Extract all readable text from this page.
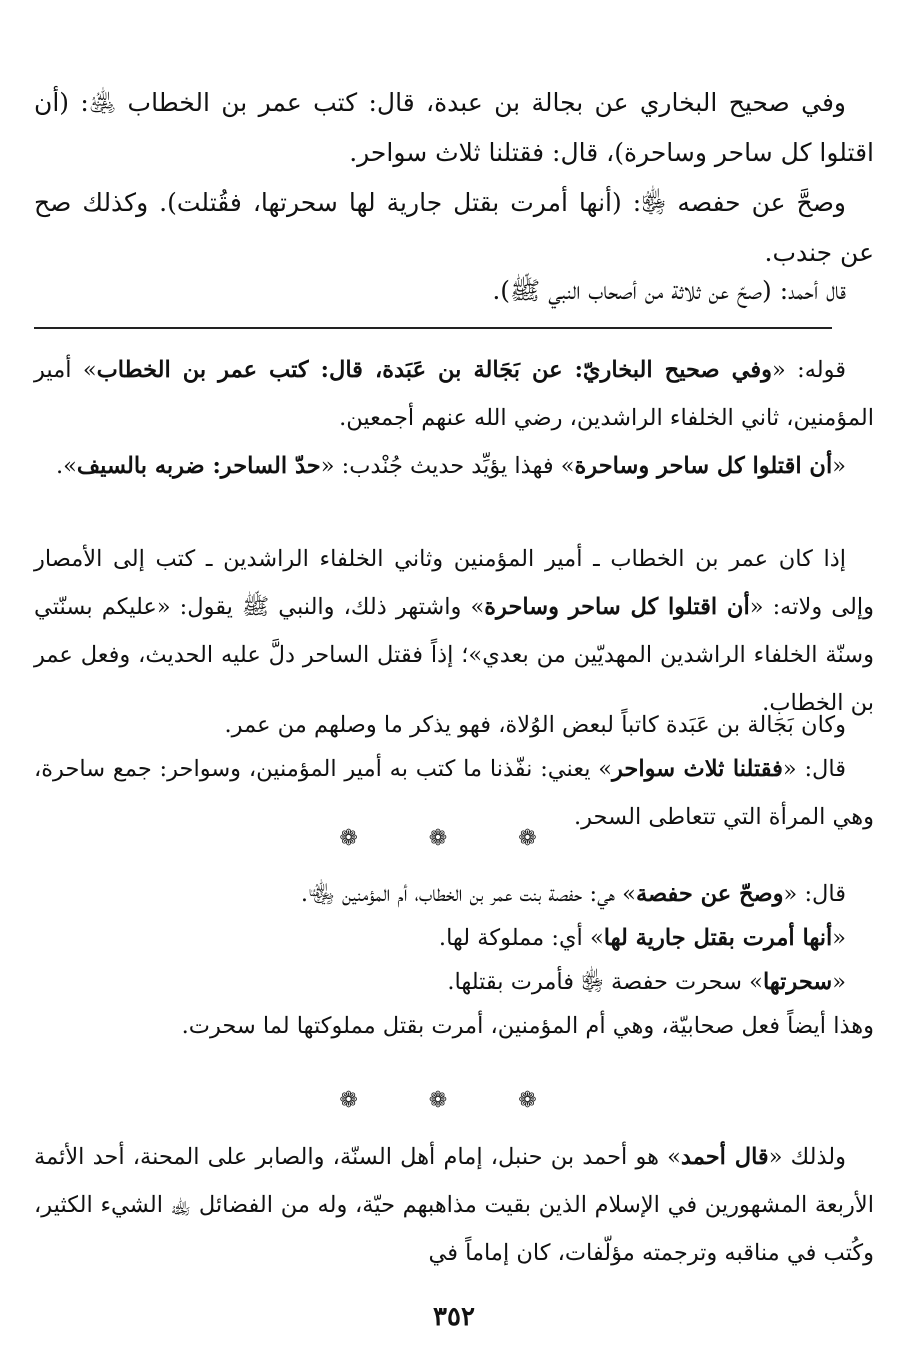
وفي صحيح البخاري عن بجالة بن عبدة، قال: كتب عمر بن الخطاب ﵁: (أن اقتلوا كل ساحر وساحرة)، قال: فقتلنا ثلاث سواحر.

وصحَّ عن حفصه ﵂: (أنها أمرت بقتل جارية لها سحرتها، فقُتلت). وكذلك صح عن جندب.

قال أحمد: (صحّ عن ثلاثة من أصحاب النبي ﷺ).

قوله: «وفي صحيح البخاريّ: عن بَجَالة بن عَبَدة، قال: كتب عمر بن الخطاب» أمير المؤمنين، ثاني الخلفاء الراشدين، رضي الله عنهم أجمعين.

«أن اقتلوا كل ساحر وساحرة» فهذا يؤيِّد حديث جُنْدب: «حدّ الساحر: ضربه بالسيف».

إذا كان عمر بن الخطاب ـ أمير المؤمنين وثاني الخلفاء الراشدين ـ كتب إلى الأمصار وإلى ولاته: «أن اقتلوا كل ساحر وساحرة» واشتهر ذلك، والنبي ﷺ يقول: «عليكم بسنّتي وسنّة الخلفاء الراشدين المهديّين من بعدي»؛ إذاً فقتل الساحر دلَّ عليه الحديث، وفعل عمر بن الخطاب.

وكان بَجَالة بن عَبَدة كاتباً لبعض الوُلاة، فهو يذكر ما وصلهم من عمر.

قال: «فقتلنا ثلاث سواحر» يعني: نفّذنا ما كتب به أمير المؤمنين، وسواحر: جمع ساحرة، وهي المرأة التي تتعاطى السحر.

❁ ❁ ❁

قال: «وصحّ عن حفصة» هي: حفصة بنت عمر بن الخطاب، أم المؤمنين ﵄.

«أنها أمرت بقتل جارية لها» أي: مملوكة لها.

«سحرتها» سحرت حفصة ﵂ فأمرت بقتلها.

وهذا أيضاً فعل صحابيّة، وهي أم المؤمنين، أمرت بقتل مملوكتها لما سحرت.

❁ ❁ ❁

ولذلك «قال أحمد» هو أحمد بن حنبل، إمام أهل السنّة، والصابر على المحنة، أحد الأئمة الأربعة المشهورين في الإسلام الذين بقيت مذاهبهم حيّة، وله من الفضائل ﵀ الشيء الكثير، وكُتب في مناقبه وترجمته مؤلّفات، كان إماماً في

٣٥٢
